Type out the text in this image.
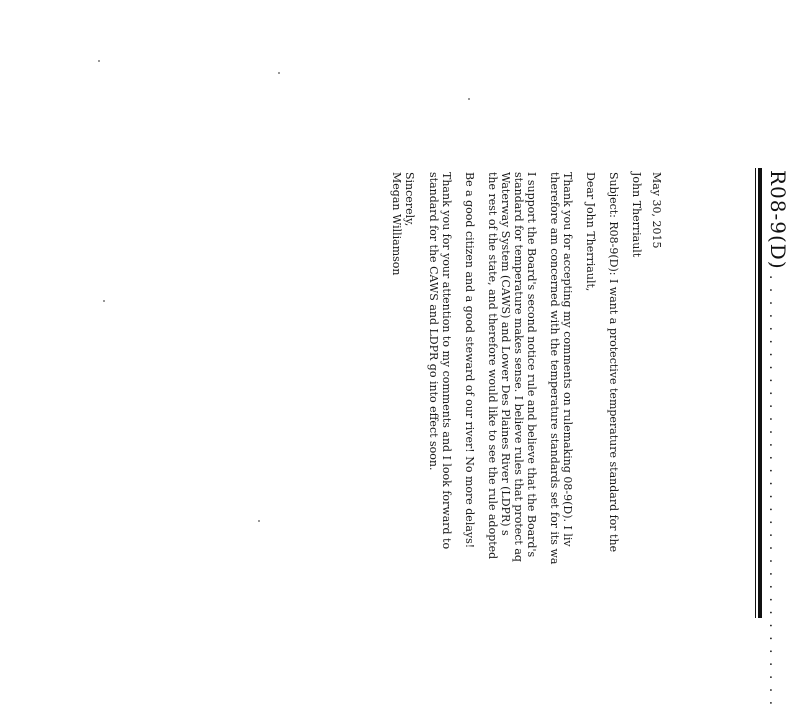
R08-9(D)
. . . . . . . . . . . . . . . . . . . . . . . . . . . . . . . . . . .
May 30, 2015
John Therriault
Subject: R08-9(D): I want a protective temperature standard for the
Dear John Therriault,
Thank you for accepting my comments on rulemaking 08-9(D). I liv
therefore am concerned with the temperature standards set for its wa
I support the Board's second notice rule and believe that the Board's
standard for temperature makes sense. I believe rules that protect aq
Waterway System (CAWS) and Lower Des Plaines River (LDPR) s
the rest of the state, and therefore would like to see the rule adopted
Be a good citizen and a good steward of our river! No more delays!
Thank you for your attention to my comments and I look forward to
standard for the CAWS and LDPR go into effect soon.
Sincerely,
Megan Williamson
